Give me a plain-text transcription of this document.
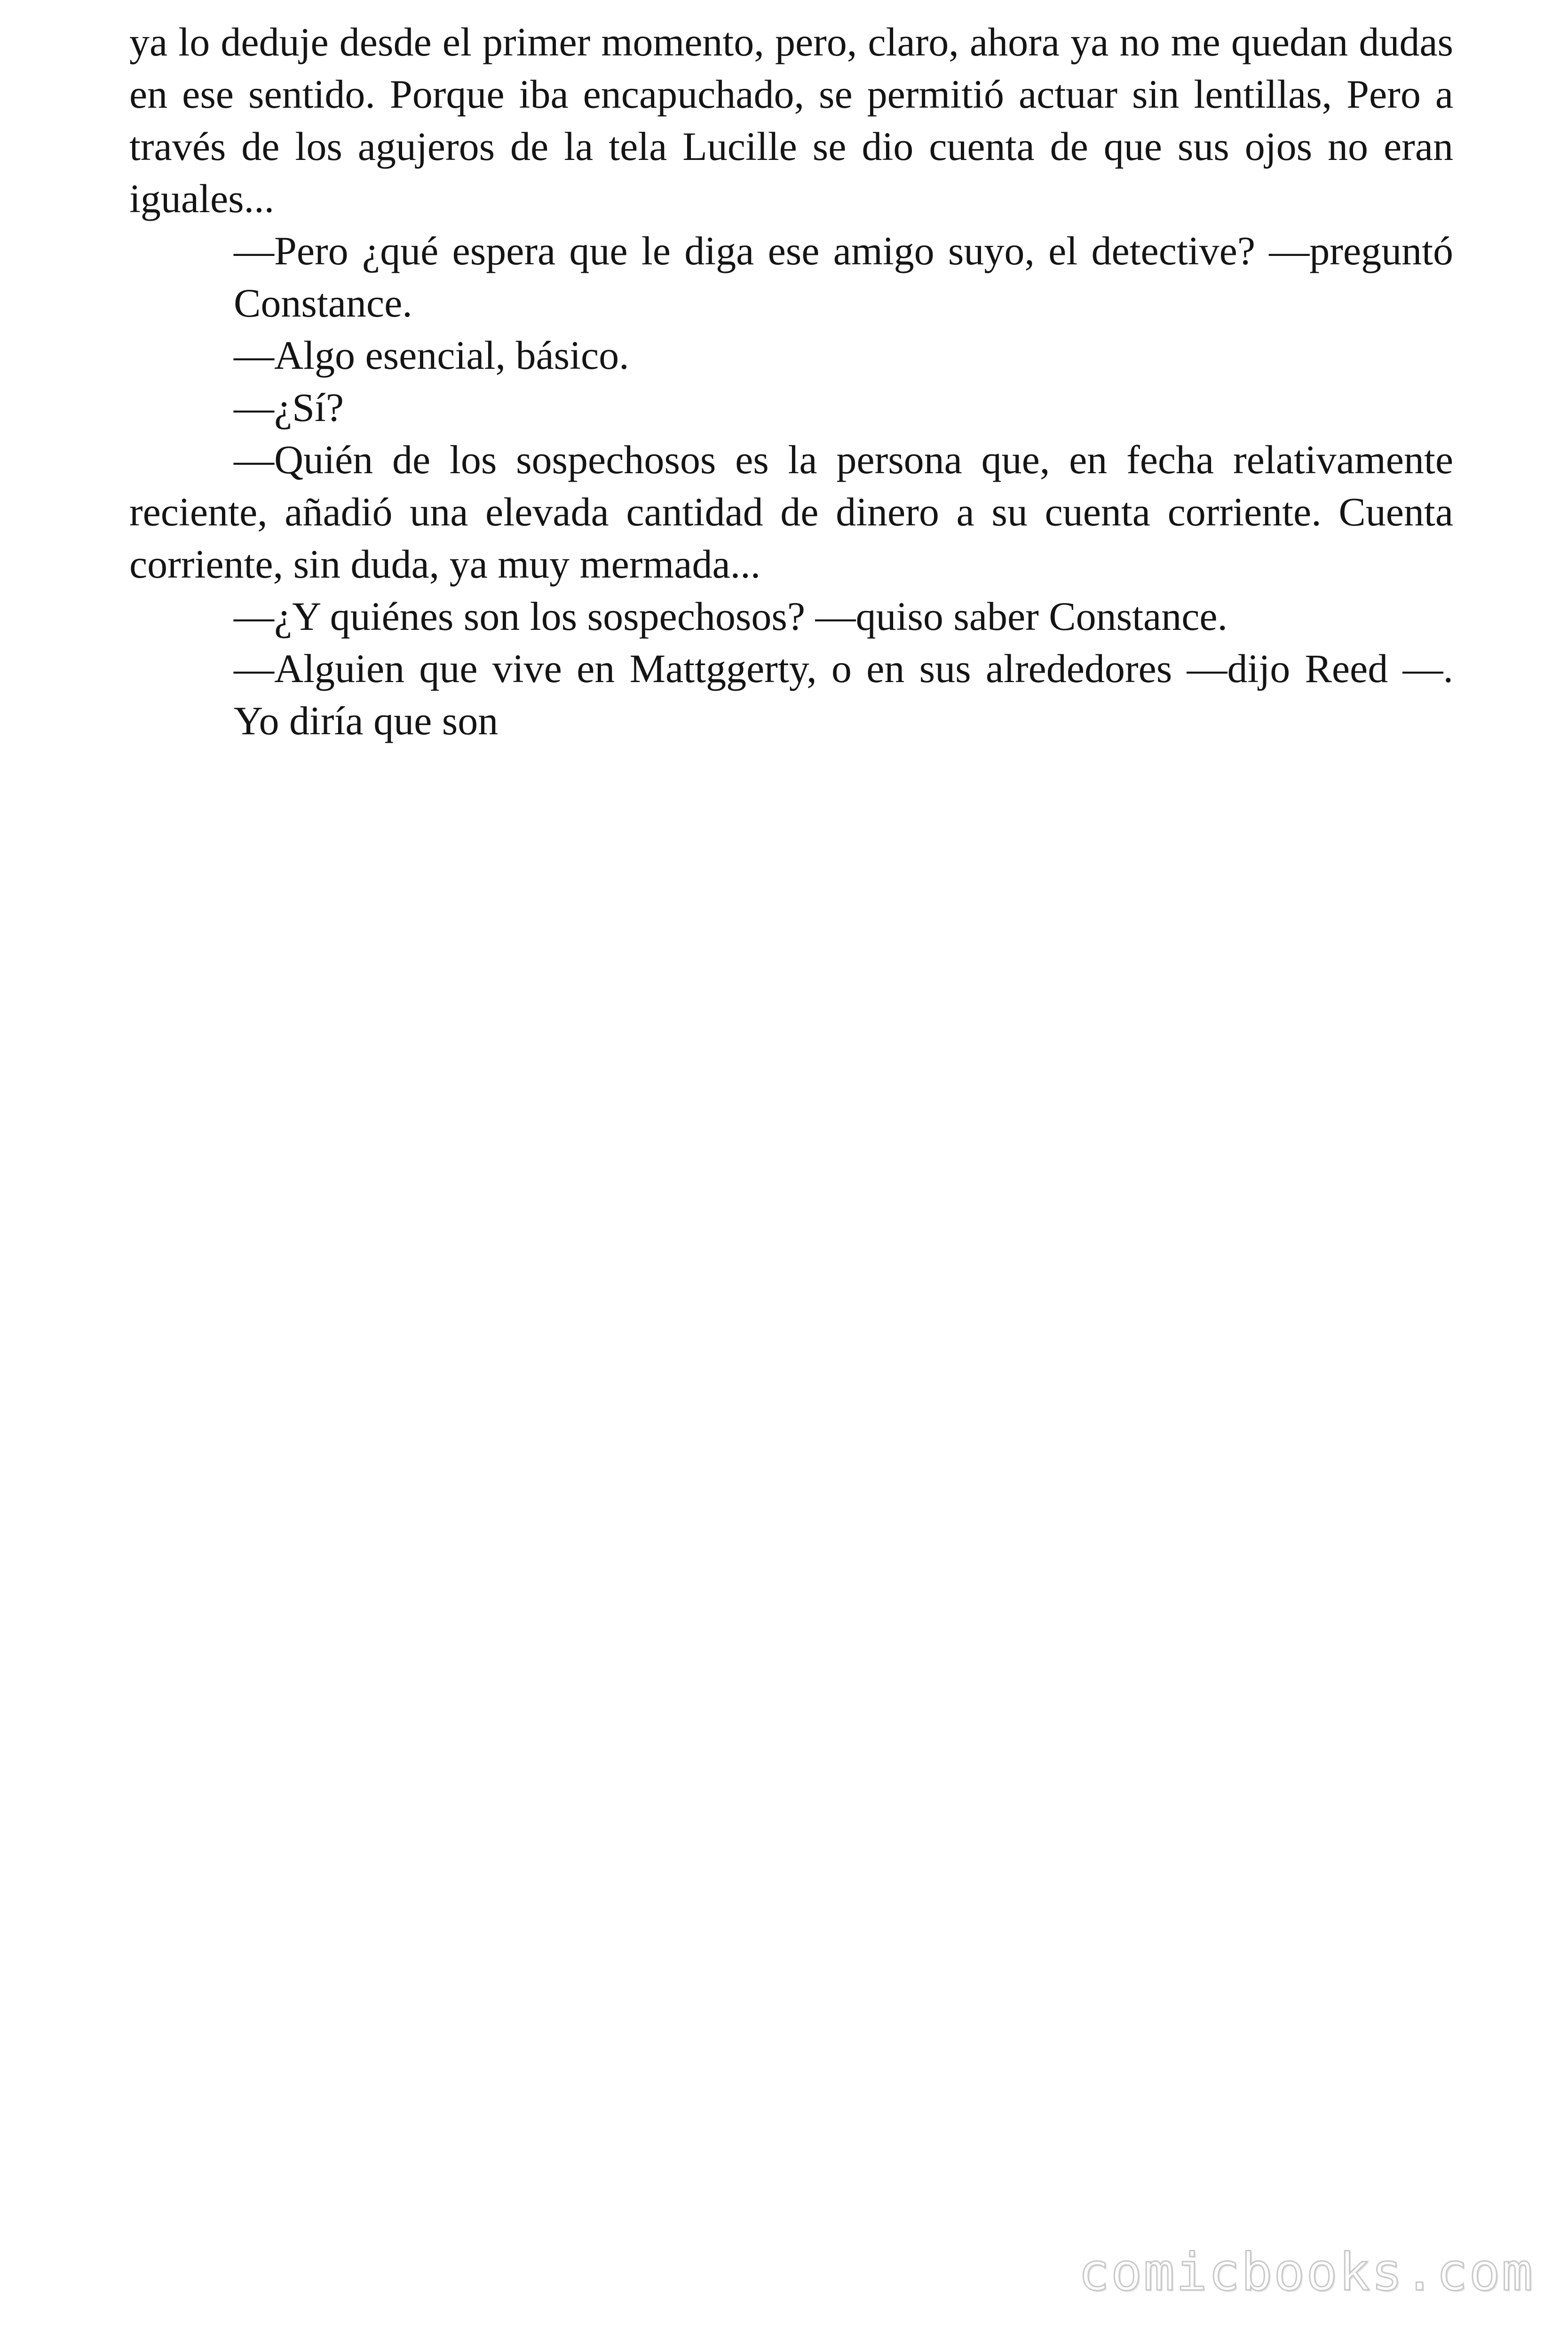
ya lo deduje desde el primer momento, pero, claro, ahora ya no me quedan dudas en ese sentido. Porque iba encapuchado, se permitió actuar sin lentillas, Pero a través de los agujeros de la tela Lucille se dio cuenta de que sus ojos no eran iguales...

—Pero ¿qué espera que le diga ese amigo suyo, el detective? —preguntó Constance.

—Algo esencial, básico.

—¿Sí?

—Quién de los sospechosos es la persona que, en fecha relativamente reciente, añadió una elevada cantidad de dinero a su cuenta corriente. Cuenta corriente, sin duda, ya muy mermada...

—¿Y quiénes son los sospechosos? —quiso saber Constance.

—Alguien que vive en Mattggerty, o en sus alrededores —dijo Reed —. Yo diría que son

comicbooks.com
